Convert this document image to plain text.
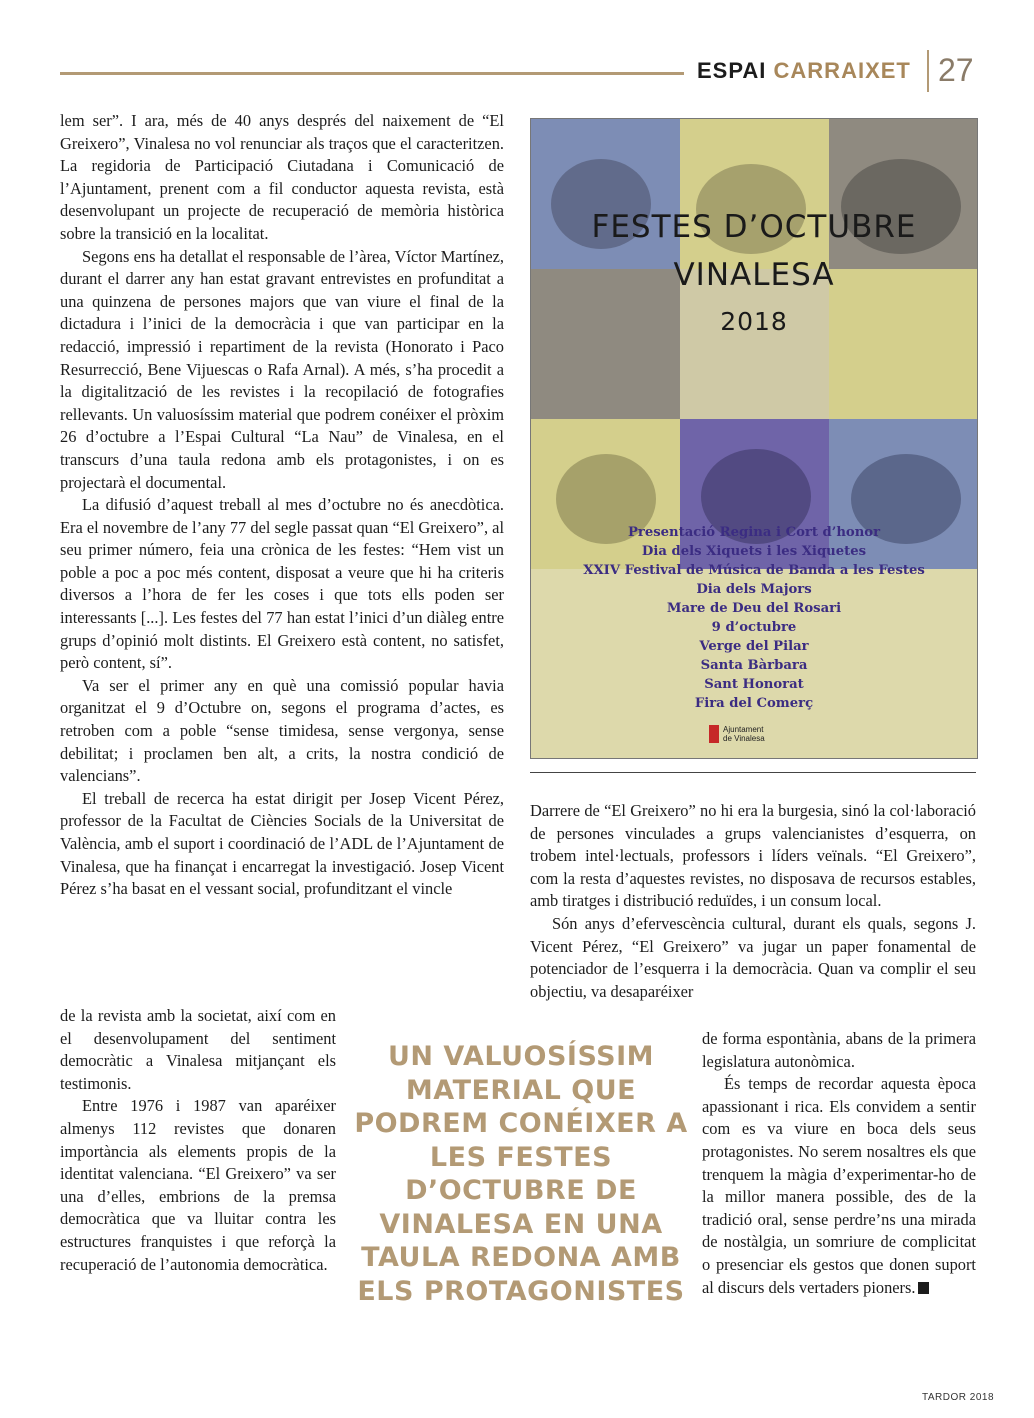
ESPAI CARRAIXET 27

lem ser”. I ara, més de 40 anys després del naixement de “El Greixero”, Vinalesa no vol renunciar als traços que el caracteritzen. La regidoria de Participació Ciutadana i Comunicació de l’Ajuntament, prenent com a fil conductor aquesta revista, està desenvolupant un projecte de recuperació de memòria històrica sobre la transició en la localitat.

Segons ens ha detallat el responsable de l’àrea, Víctor Martínez, durant el darrer any han estat gravant entrevistes en profunditat a una quinzena de persones majors que van viure el final de la dictadura i l’inici de la democràcia i que van participar en la redacció, impressió i repartiment de la revista (Honorato i Paco Resurrecció, Bene Vijuescas o Rafa Arnal). A més, s’ha procedit a la digitalització de les revistes i la recopilació de fotografies rellevants. Un valuosíssim material que podrem conéixer el pròxim 26 d’octubre a l’Espai Cultural “La Nau” de Vinalesa, en el transcurs d’una taula redona amb els protagonistes, i on es projectarà el documental.

La difusió d’aquest treball al mes d’octubre no és anecdòtica. Era el novembre de l’any 77 del segle passat quan “El Greixero”, al seu primer número, feia una crònica de les festes: “Hem vist un poble a poc a poc més content, disposat a veure que hi ha criteris diversos a l’hora de fer les coses i que tots ells poden ser interessants [...]. Les festes del 77 han estat l’inici d’un diàleg entre grups d’opinió molt distints. El Greixero està content, no satisfet, però content, sí”.

Va ser el primer any en què una comissió popular havia organitzat el 9 d’Octubre on, segons el programa d’actes, es retroben com a poble “sense timidesa, sense vergonya, sense debilitat; i proclamen ben alt, a crits, la nostra condició de valencians”.

El treball de recerca ha estat dirigit per Josep Vicent Pérez, professor de la Facultat de Ciències Socials de la Universitat de València, amb el suport i coordinació de l’ADL de l’Ajuntament de Vinalesa, que ha finançat i encarregat la investigació. Josep Vicent Pérez s’ha basat en el vessant social, profunditzant el vincle

de la revista amb la societat, així com en el desenvolupament del sentiment democràtic a Vinalesa mitjançant els testimonis.

Entre 1976 i 1987 van aparéixer almenys 112 revistes que donaren importància als elements propis de la identitat valenciana. “El Greixero” va ser una d’elles, embrions de la premsa democràtica que va lluitar contra les estructures franquistes i que reforçà la recuperació de l’autonomia democràtica.

FESTES D’OCTUBRE
VINALESA
2018
Presentació Regina i Cort d’honor
Dia dels Xiquets i les Xiquetes
XXIV Festival de Música de Banda a les Festes
Dia dels Majors
Mare de Deu del Rosari
9 d’octubre
Verge del Pilar
Santa Bàrbara
Sant Honorat
Fira del Comerç
Ajuntament
de Vinalesa

Darrere de “El Greixero” no hi era la burgesia, sinó la col·laboració de persones vinculades a grups valencianistes d’esquerra, on trobem intel·lectuals, professors i líders veïnals. “El Greixero”, com la resta d’aquestes revistes, no disposava de recursos estables, amb tiratges i distribució reduïdes, i un consum local.

Són anys d’efervescència cultural, durant els quals, segons J. Vicent Pérez, “El Greixero” va jugar un paper fonamental de potenciador de l’esquerra i la democràcia. Quan va complir el seu objectiu, va desaparéixer

de forma espontània, abans de la primera legislatura autonòmica.

És temps de recordar aquesta època apassionant i rica. Els convidem a sentir com es va viure en boca dels seus protagonistes. No serem nosaltres els que trenquem la màgia d’experimentar-ho de la millor manera possible, des de la tradició oral, sense perdre’ns una mirada de nostàlgia, un somriure de complicitat o presenciar els gestos que donen suport al discurs dels vertaders pioners.

UN VALUOSÍSSIM MATERIAL QUE PODREM CONÉIXER A LES FESTES D’OCTUBRE DE VINALESA EN UNA TAULA REDONA AMB ELS PROTAGONISTES

TARDOR 2018
